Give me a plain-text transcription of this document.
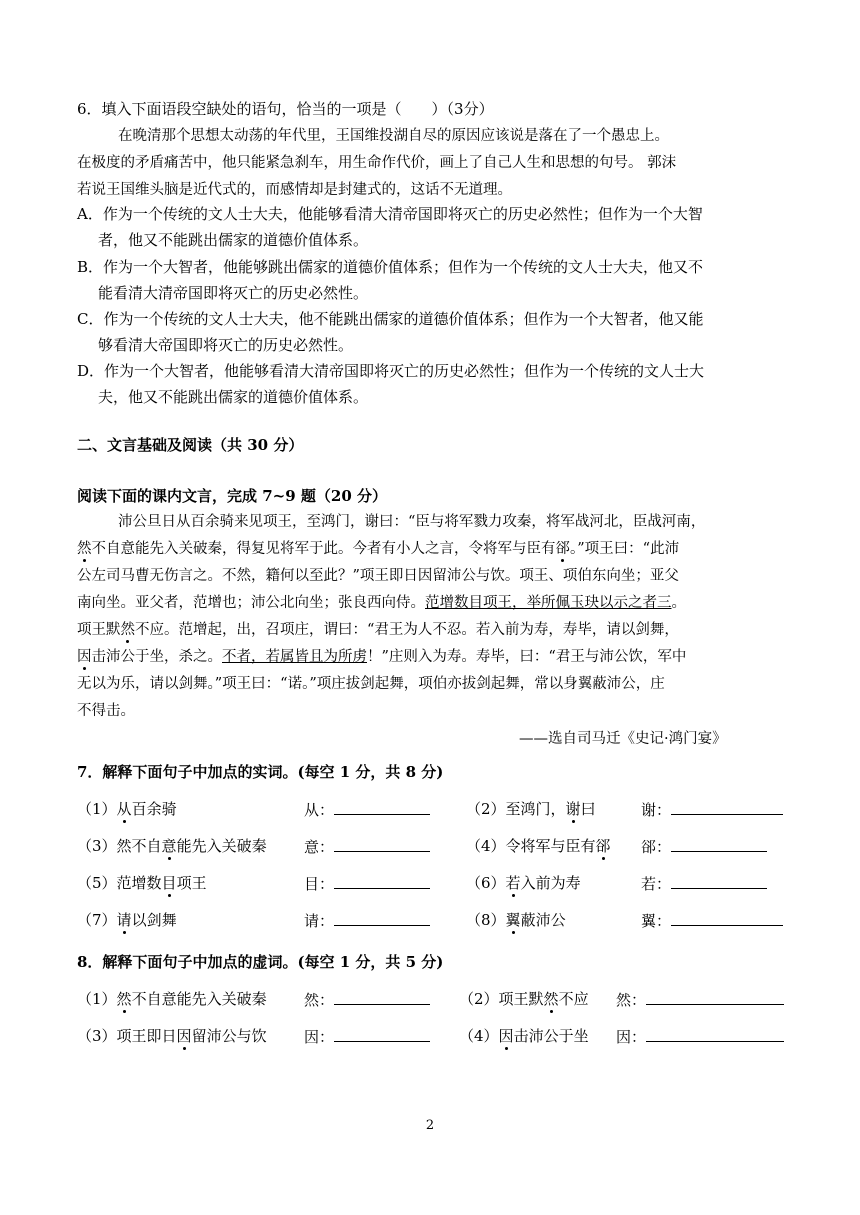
6．填入下面语段空缺处的语句，恰当的一项是（　　）（3分）
在晚清那个思想太动荡的年代里，王国维投湖自尽的原因应该说是落在了一个愚忠上。
在极度的矛盾痛苦中，他只能紧急刹车，用生命作代价，画上了自己人生和思想的句号。 郭沫
若说王国维头脑是近代式的，而感情却是封建式的，这话不无道理。
A．作为一个传统的文人士大夫，他能够看清大清帝国即将灭亡的历史必然性；但作为一个大智
者，他又不能跳出儒家的道德价值体系。
B．作为一个大智者，他能够跳出儒家的道德价值体系；但作为一个传统的文人士大夫，他又不
能看清大清帝国即将灭亡的历史必然性。
C．作为一个传统的文人士大夫，他不能跳出儒家的道德价值体系；但作为一个大智者，他又能
够看清大帝国即将灭亡的历史必然性。
D．作为一个大智者，他能够看清大清帝国即将灭亡的历史必然性；但作为一个传统的文人士大
夫，他又不能跳出儒家的道德价值体系。
二、文言基础及阅读（共 30 分）
阅读下面的课内文言，完成 7~9 题（20 分）
沛公旦日从百余骑来见项王，至鸿门，谢曰：“臣与将军戮力攻秦，将军战河北，臣战河南，
然不自意能先入关破秦，得复见将军于此。今者有小人之言，令将军与臣有郤。”项王曰：“此沛
公左司马曹无伤言之。不然，籍何以至此？”项王即日因留沛公与饮。项王、项伯东向坐；亚父
南向坐。亚父者，范增也；沛公北向坐；张良西向侍。范增数目项王，举所佩玉玦以示之者三。
项王默然不应。范增起，出，召项庄，谓曰：“君王为人不忍。若入前为寿，寿毕，请以剑舞，
因击沛公于坐，杀之。不者，若属皆且为所虏！”庄则入为寿。寿毕，曰：“君王与沛公饮，军中
无以为乐，请以剑舞。”项王曰：“诺。”项庄拔剑起舞，项伯亦拔剑起舞，常以身翼蔽沛公，庄
不得击。
——选自司马迁《史记·鸿门宴》
7．解释下面句子中加点的实词。(每空 1 分，共 8 分)
（1）从百余骑	从：	（2）至鸿门，谢曰	谢：
（3）然不自意能先入关破秦 意：	（4）令将军与臣有郤 郤：
（5）范增数目项王	目：	（6）若入前为寿	若：
（7）请以剑舞	请：	（8）翼蔽沛公	翼：
8．解释下面句子中加点的虚词。(每空 1 分，共 5 分)
（1）然不自意能先入关破秦 然：	（2）项王默然不应 然：
（3）项王即日因留沛公与饮 因：	（4）因击沛公于坐 因：
2
